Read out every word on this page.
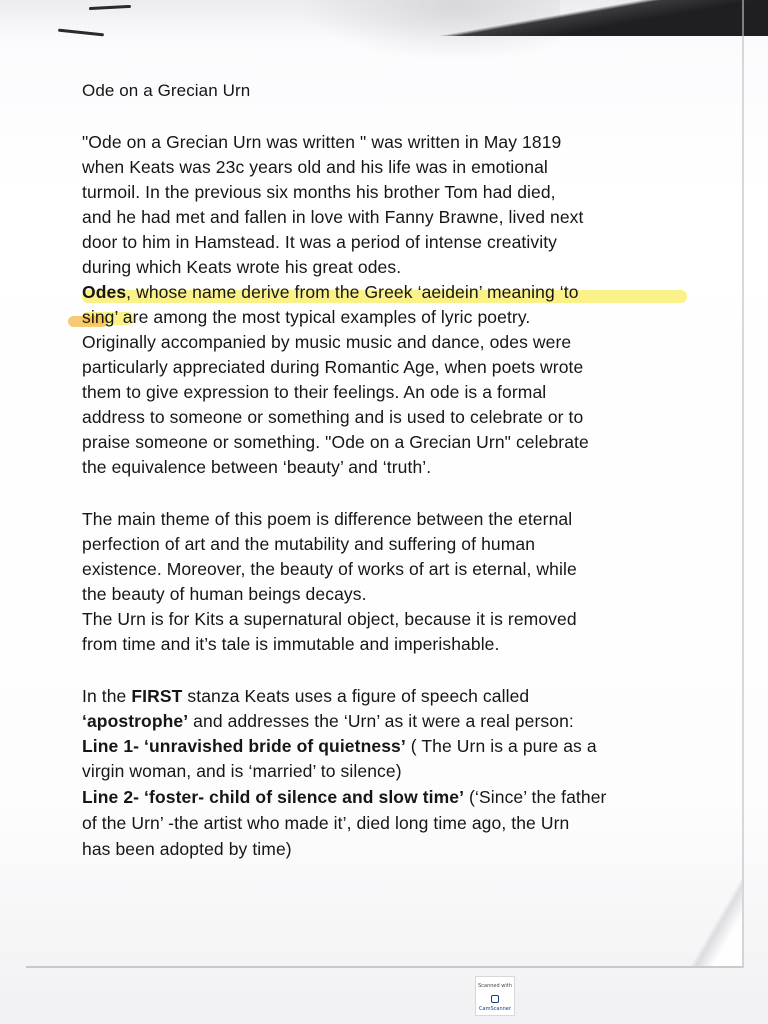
Ode on a Grecian Urn
"Ode on a Grecian Urn was written " was written in May 1819
when Keats was 23c years old and his life was in emotional
turmoil. In the previous six months his brother Tom had died,
and he had met and fallen in love with Fanny Brawne, lived next
door to him in Hamstead. It was a period of intense creativity
during which Keats wrote his great odes.
Odes, whose name derive from the Greek ‘aeidein’ meaning ‘to
sing’ are among the most typical examples of lyric poetry.
Originally accompanied by music music and dance, odes were
particularly appreciated during Romantic Age, when poets wrote
them to give expression to their feelings. An ode is a formal
address to someone or something and is used to celebrate or to
praise someone or something. "Ode on a Grecian Urn" celebrate
the equivalence between ‘beauty’ and ‘truth’.
The main theme of this poem is difference between the eternal
perfection of art and the mutability and suffering of human
existence. Moreover, the beauty of works of art is eternal, while
the beauty of human beings decays.
The Urn is for Kits a supernatural object, because it is removed
from time and it’s tale is immutable and imperishable.
In the FIRST stanza Keats uses a figure of speech called
‘apostrophe’ and addresses the ‘Urn’ as it were a real person:
Line 1- ‘unravished bride of quietness’ ( The Urn is a pure as a
virgin woman, and is ‘married’ to silence)
Line 2- ‘foster- child of silence and slow time’ (‘Since’ the father
of the Urn’ -the artist who made it’, died long time ago, the Urn
has been adopted by time)
Scanned with
CamScanner
